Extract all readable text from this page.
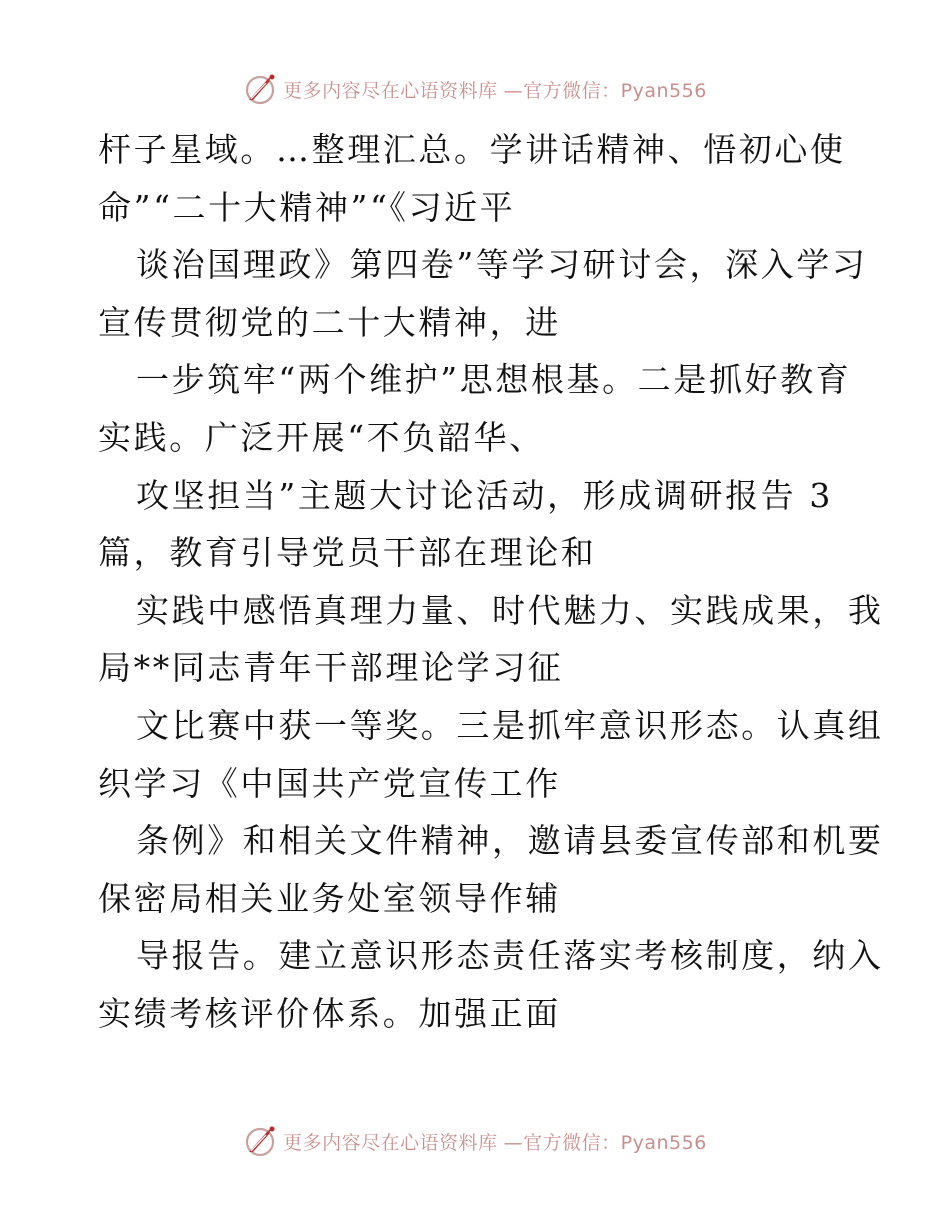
更多内容尽在心语资料库 —官方微信：Pyan556
杆子星域。…整理汇总。学讲话精神、悟初心使
命”“二十大精神”“《习近平
谈治国理政》第四卷”等学习研讨会，深入学习
宣传贯彻党的二十大精神，进
一步筑牢“两个维护”思想根基。二是抓好教育
实践。广泛开展“不负韶华、
攻坚担当”主题大讨论活动，形成调研报告 3
篇，教育引导党员干部在理论和
实践中感悟真理力量、时代魅力、实践成果，我
局**同志青年干部理论学习征
文比赛中获一等奖。三是抓牢意识形态。认真组
织学习《中国共产党宣传工作
条例》和相关文件精神，邀请县委宣传部和机要
保密局相关业务处室领导作辅
导报告。建立意识形态责任落实考核制度，纳入
实绩考核评价体系。加强正面
更多内容尽在心语资料库 —官方微信：Pyan556
